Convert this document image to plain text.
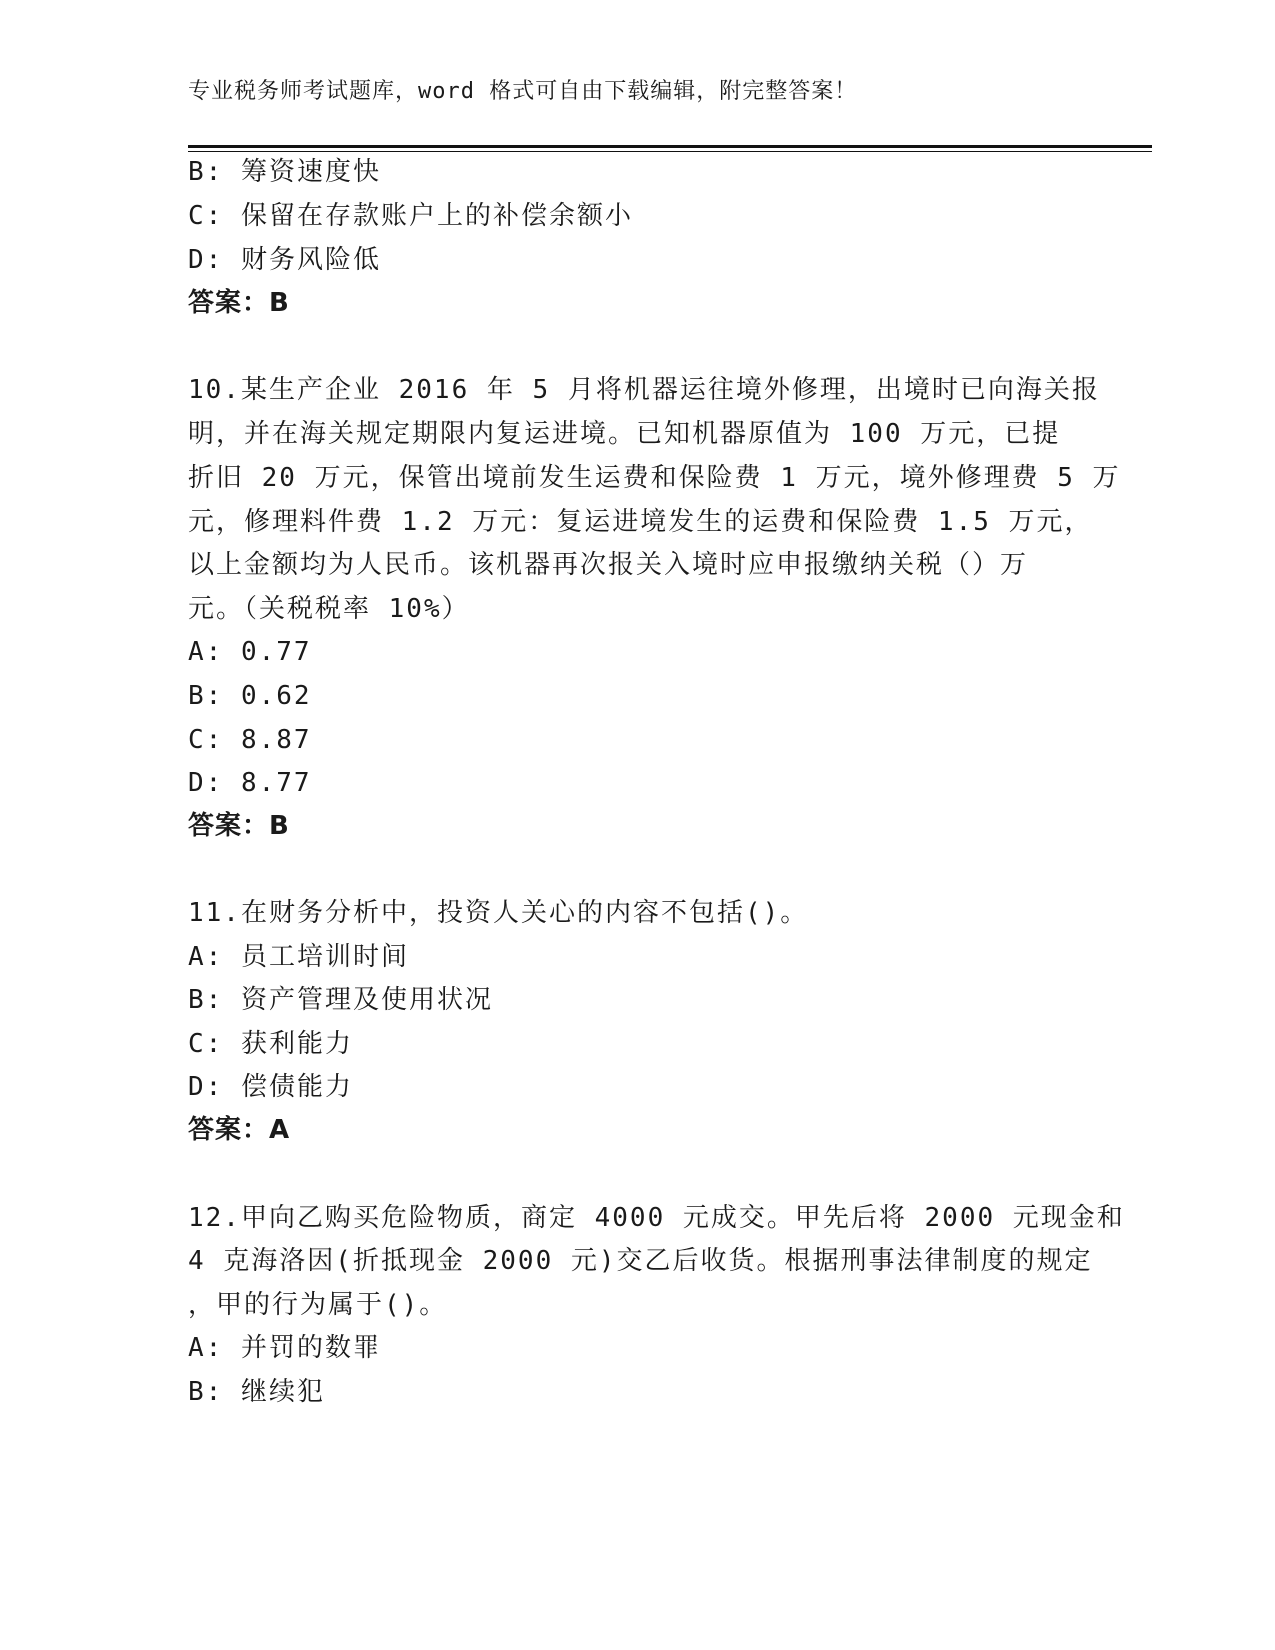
专业税务师考试题库，word 格式可自由下载编辑，附完整答案！
B: 筹资速度快
C: 保留在存款账户上的补偿余额小
D: 财务风险低
答案：B
10.某生产企业 2016 年 5 月将机器运往境外修理，出境时已向海关报
明，并在海关规定期限内复运进境。已知机器原值为 100 万元，已提
折旧 20 万元，保管出境前发生运费和保险费 1 万元，境外修理费 5 万
元，修理料件费 1.2 万元：复运进境发生的运费和保险费 1.5 万元，
以上金额均为人民币。该机器再次报关入境时应申报缴纳关税（）万
元。（关税税率 10%）
A: 0.77
B: 0.62
C: 8.87
D: 8.77
答案：B
11.在财务分析中，投资人关心的内容不包括()。
A: 员工培训时间
B: 资产管理及使用状况
C: 获利能力
D: 偿债能力
答案：A
12.甲向乙购买危险物质，商定 4000 元成交。甲先后将 2000 元现金和
4 克海洛因(折抵现金 2000 元)交乙后收货。根据刑事法律制度的规定
，甲的行为属于()。
A: 并罚的数罪
B: 继续犯
